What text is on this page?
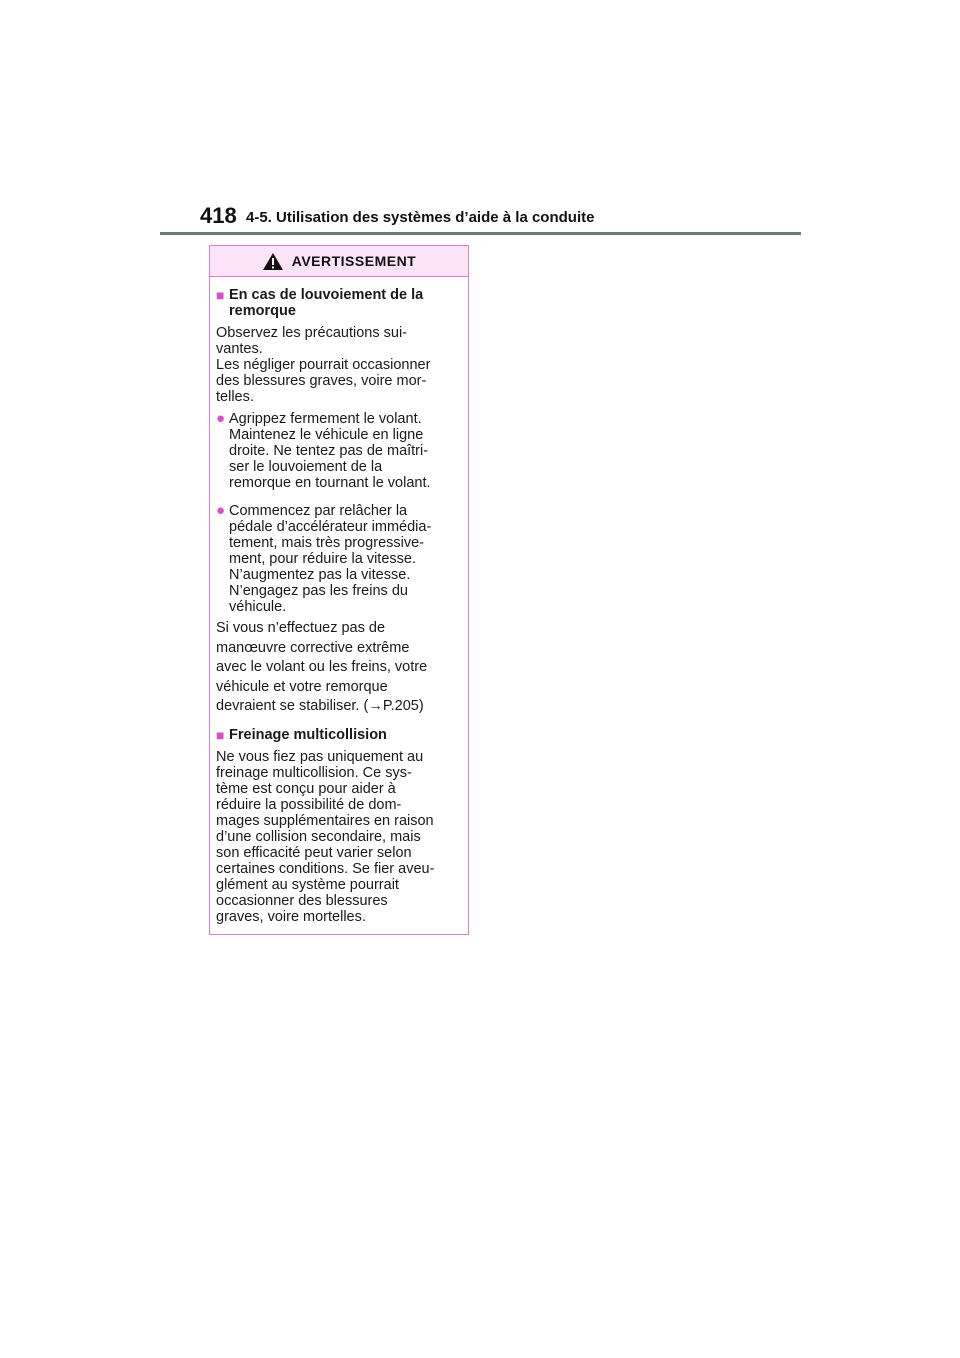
418 4-5. Utilisation des systèmes d’aide à la conduite
AVERTISSEMENT
■ En cas de louvoiement de la
remorque
Observez les précautions sui-
vantes.
Les négliger pourrait occasionner
des blessures graves, voire mor-
telles.
● Agrippez fermement le volant.
Maintenez le véhicule en ligne
droite. Ne tentez pas de maîtri-
ser le louvoiement de la
remorque en tournant le volant.
● Commencez par relâcher la
pédale d’accélérateur immédia-
tement, mais très progressive-
ment, pour réduire la vitesse.
N’augmentez pas la vitesse.
N’engagez pas les freins du
véhicule.
Si vous n’effectuez pas de
manœuvre corrective extrême
avec le volant ou les freins, votre
véhicule et votre remorque
devraient se stabiliser. (→P.205)
■ Freinage multicollision
Ne vous fiez pas uniquement au
freinage multicollision. Ce sys-
tème est conçu pour aider à
réduire la possibilité de dom-
mages supplémentaires en raison
d’une collision secondaire, mais
son efficacité peut varier selon
certaines conditions. Se fier aveu-
glément au système pourrait
occasionner des blessures
graves, voire mortelles.
